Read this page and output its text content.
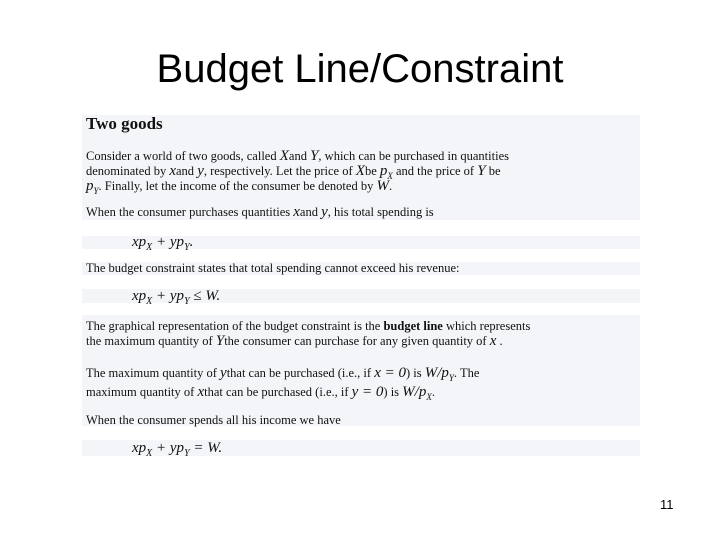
Budget Line/Constraint
Two goods
Consider a world of two goods, called Xand Y, which can be purchased in quantities
denominated by xand y, respectively. Let the price of Xbe $p_X$ and the price of Y be
$p_Y$. Finally, let the income of the consumer be denoted by W.
When the consumer purchases quantities xand y, his total spending is
$xp_X + yp_Y$.
The budget constraint states that total spending cannot exceed his revenue:
$xp_X + yp_Y \le W$.
The graphical representation of the budget constraint is the budget line which represents
the maximum quantity of Ythe consumer can purchase for any given quantity of x .
The maximum quantity of ythat can be purchased (i.e., if x = 0) is $W/p_Y$. The
maximum quantity of xthat can be purchased (i.e., if y = 0) is $W/p_X$.
When the consumer spends all his income we have
$xp_X + yp_Y = W$.
11
